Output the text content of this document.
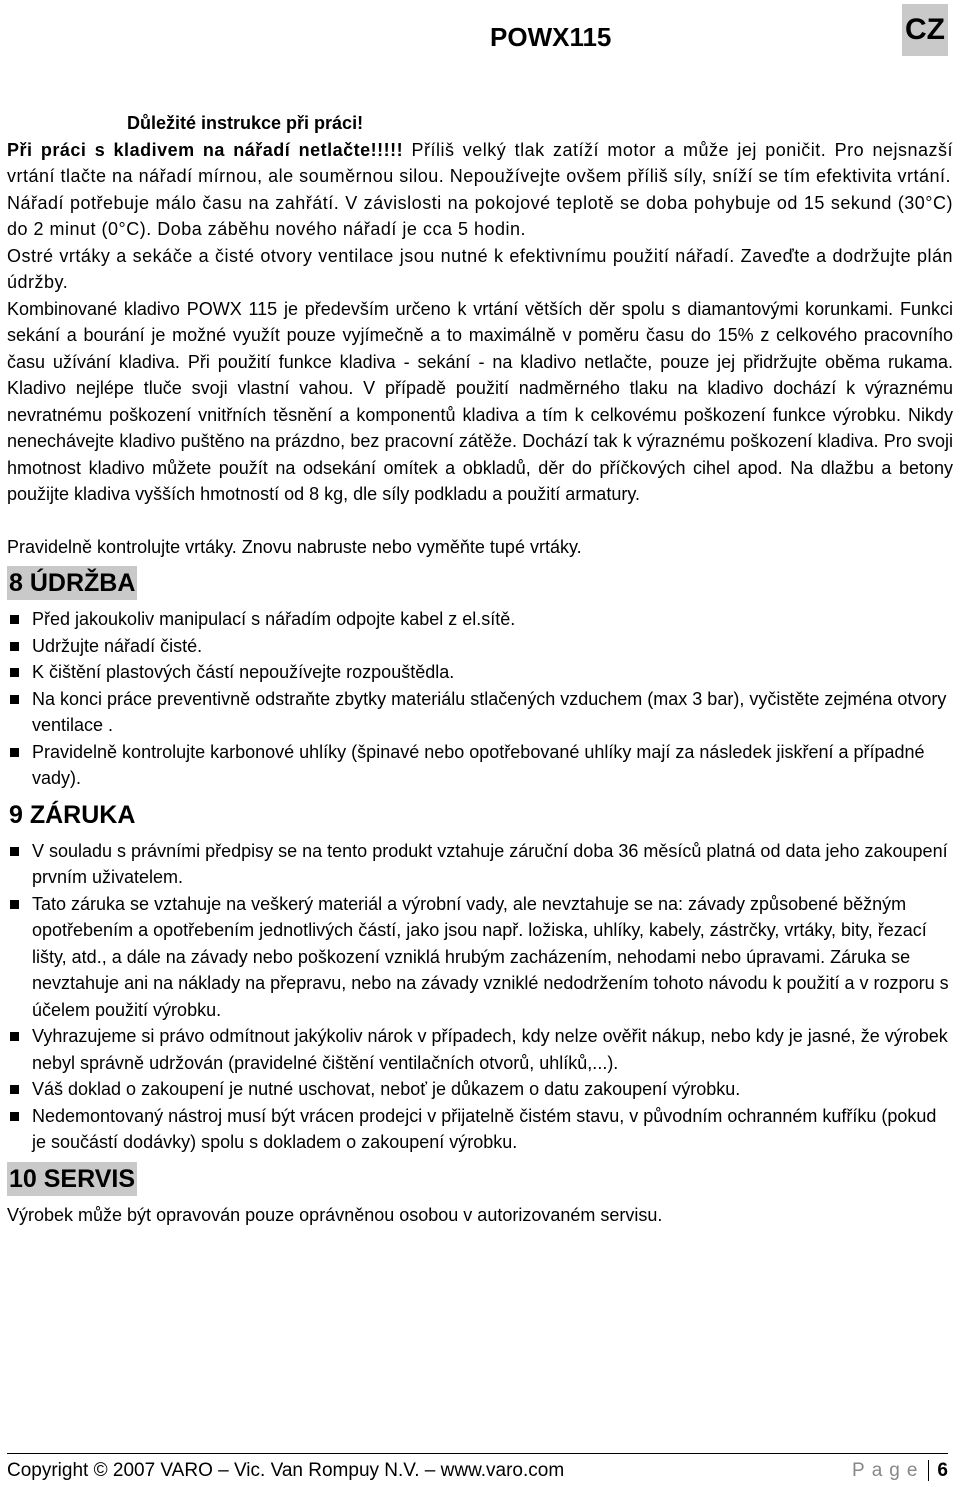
POWX115	CZ
Důležité instrukce při práci!

Při práci s kladivem na nářadí netlačte!!!!! Příliš velký tlak zatíží motor a může jej poničit. Pro nejsnazší vrtání tlačte na nářadí mírnou, ale souměrnou silou. Nepoužívejte ovšem příliš síly, sníží se tím efektivita vrtání.

Nářadí potřebuje málo času na zahřátí. V závislosti na pokojové teplotě se doba pohybuje od 15 sekund (30°C) do 2 minut (0°C). Doba záběhu nového nářadí je cca 5 hodin.

Ostré vrtáky a sekáče a čisté otvory ventilace jsou nutné k efektivnímu použití nářadí. Zaveďte a dodržujte plán údržby.

Kombinované kladivo POWX 115 je především určeno k vrtání větších děr spolu s diamantovými korunkami. Funkci sekání a bourání je možné využít pouze vyjímečně a to maximálně v poměru času do 15% z celkového pracovního času užívání kladiva. Při použití funkce kladiva - sekání - na kladivo netlačte, pouze jej přidržujte oběma rukama. Kladivo nejlépe tluče svoji vlastní vahou. V případě použití nadměrného tlaku na kladivo dochází k výraznému nevratnému poškození vnitřních těsnění a komponentů kladiva a tím k celkovému poškození funkce výrobku. Nikdy nenechávejte kladivo puštěno na prázdno, bez pracovní zátěže. Dochází tak k výraznému poškození kladiva. Pro svoji hmotnost kladivo můžete použít na odsekání omítek a obkladů, děr do příčkových cihel apod. Na dlažbu a betony použijte kladiva vyšších hmotností od 8 kg, dle síly podkladu a použití armatury.

Pravidelně kontrolujte vrtáky. Znovu nabruste nebo vyměňte tupé vrtáky.

8 ÚDRŽBA
Před jakoukoliv manipulací s nářadím odpojte kabel z el.sítě.
Udržujte nářadí čisté.
K čištění plastových částí nepoužívejte rozpouštědla.
Na konci práce preventivně odstraňte zbytky materiálu stlačených vzduchem (max 3 bar), vyčistěte zejména otvory ventilace .
Pravidelně kontrolujte karbonové uhlíky (špinavé nebo opotřebované uhlíky mají za následek jiskření a případné vady).
9 ZÁRUKA
V souladu s právními předpisy se na tento produkt vztahuje záruční doba 36 měsíců platná od data jeho zakoupení prvním uživatelem.
Tato záruka se vztahuje na veškerý materiál a výrobní vady, ale nevztahuje se na: závady způsobené běžným opotřebením a opotřebením jednotlivých částí, jako jsou např. ložiska, uhlíky, kabely, zástrčky, vrtáky, bity, řezací lišty, atd., a dále na závady nebo poškození vzniklá hrubým zacházením, nehodami nebo úpravami. Záruka se nevztahuje ani na náklady na přepravu, nebo na závady vzniklé nedodržením tohoto návodu k použití a v rozporu s účelem použití výrobku.
Vyhrazujeme si právo odmítnout jakýkoliv nárok v případech, kdy nelze ověřit nákup, nebo kdy je jasné, že výrobek nebyl správně udržován (pravidelné čištění ventilačních otvorů, uhlíků,...).
Váš doklad o zakoupení je nutné uschovat, neboť je důkazem o datu zakoupení výrobku.
Nedemontovaný nástroj musí být vrácen prodejci v přijatelně čistém stavu, v původním ochranném kufříku (pokud je součástí dodávky) spolu s dokladem o zakoupení výrobku.
10 SERVIS

Výrobek může být opravován pouze oprávněnou osobou v autorizovaném servisu.

Copyright © 2007 VARO – Vic. Van Rompuy N.V. – www.varo.com	Page 6
